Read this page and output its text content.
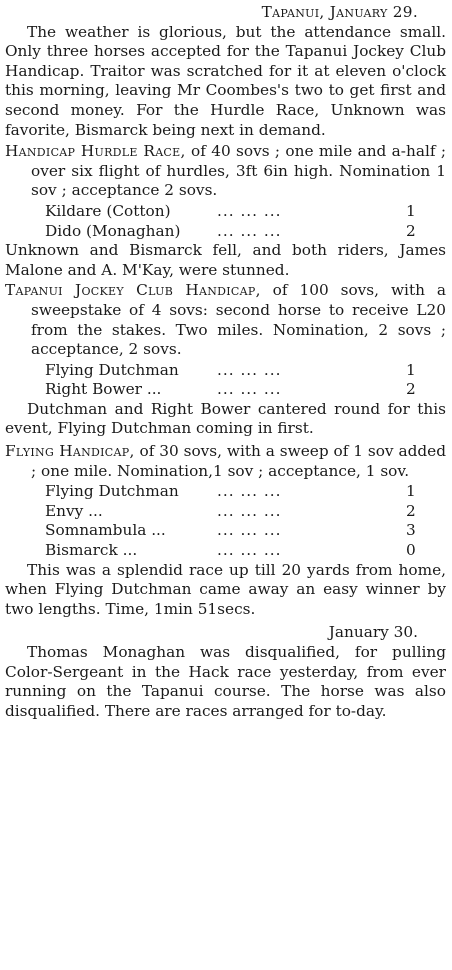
Tapanui, January 29.

The weather is glorious, but the attendance small. Only three horses accepted for the Tapanui Jockey Club Handicap. Traitor was scratched for it at eleven o'clock this morning, leaving Mr Coombes's two to get first and second money. For the Hurdle Race, Unknown was favorite, Bismarck being next in demand.

Handicap Hurdle Race, of 40 sovs ; one mile and a-half ; over six flight of hurdles, 3ft 6in high. Nomination 1 sov ; acceptance 2 sovs.

Kildare (Cotton)	... ... ...	1
Dido (Monaghan)	... ... ...	2

Unknown and Bismarck fell, and both riders, James Malone and A. M'Kay, were stunned.

Tapanui Jockey Club Handicap, of 100 sovs, with a sweepstake of 4 sovs: second horse to receive L20 from the stakes. Two miles. Nomination, 2 sovs ; acceptance, 2 sovs.

Flying Dutchman	... ... ...	1
Right Bower ...	... ... ...	2

Dutchman and Right Bower cantered round for this event, Flying Dutchman coming in first.

Flying Handicap, of 30 sovs, with a sweep of 1 sov added ; one mile. Nomination,1 sov ; acceptance, 1 sov.

Flying Dutchman	... ... ...	1
Envy ...	... ... ...	2
Somnambula ...	... ... ...	3
Bismarck ...	... ... ...	0

This was a splendid race up till 20 yards from home, when Flying Dutchman came away an easy winner by two lengths. Time, 1min 51secs.

January 30.

Thomas Monaghan was disqualified, for pulling Color-Sergeant in the Hack race yesterday, from ever running on the Tapanui course. The horse was also disqualified. There are races arranged for to-day.
